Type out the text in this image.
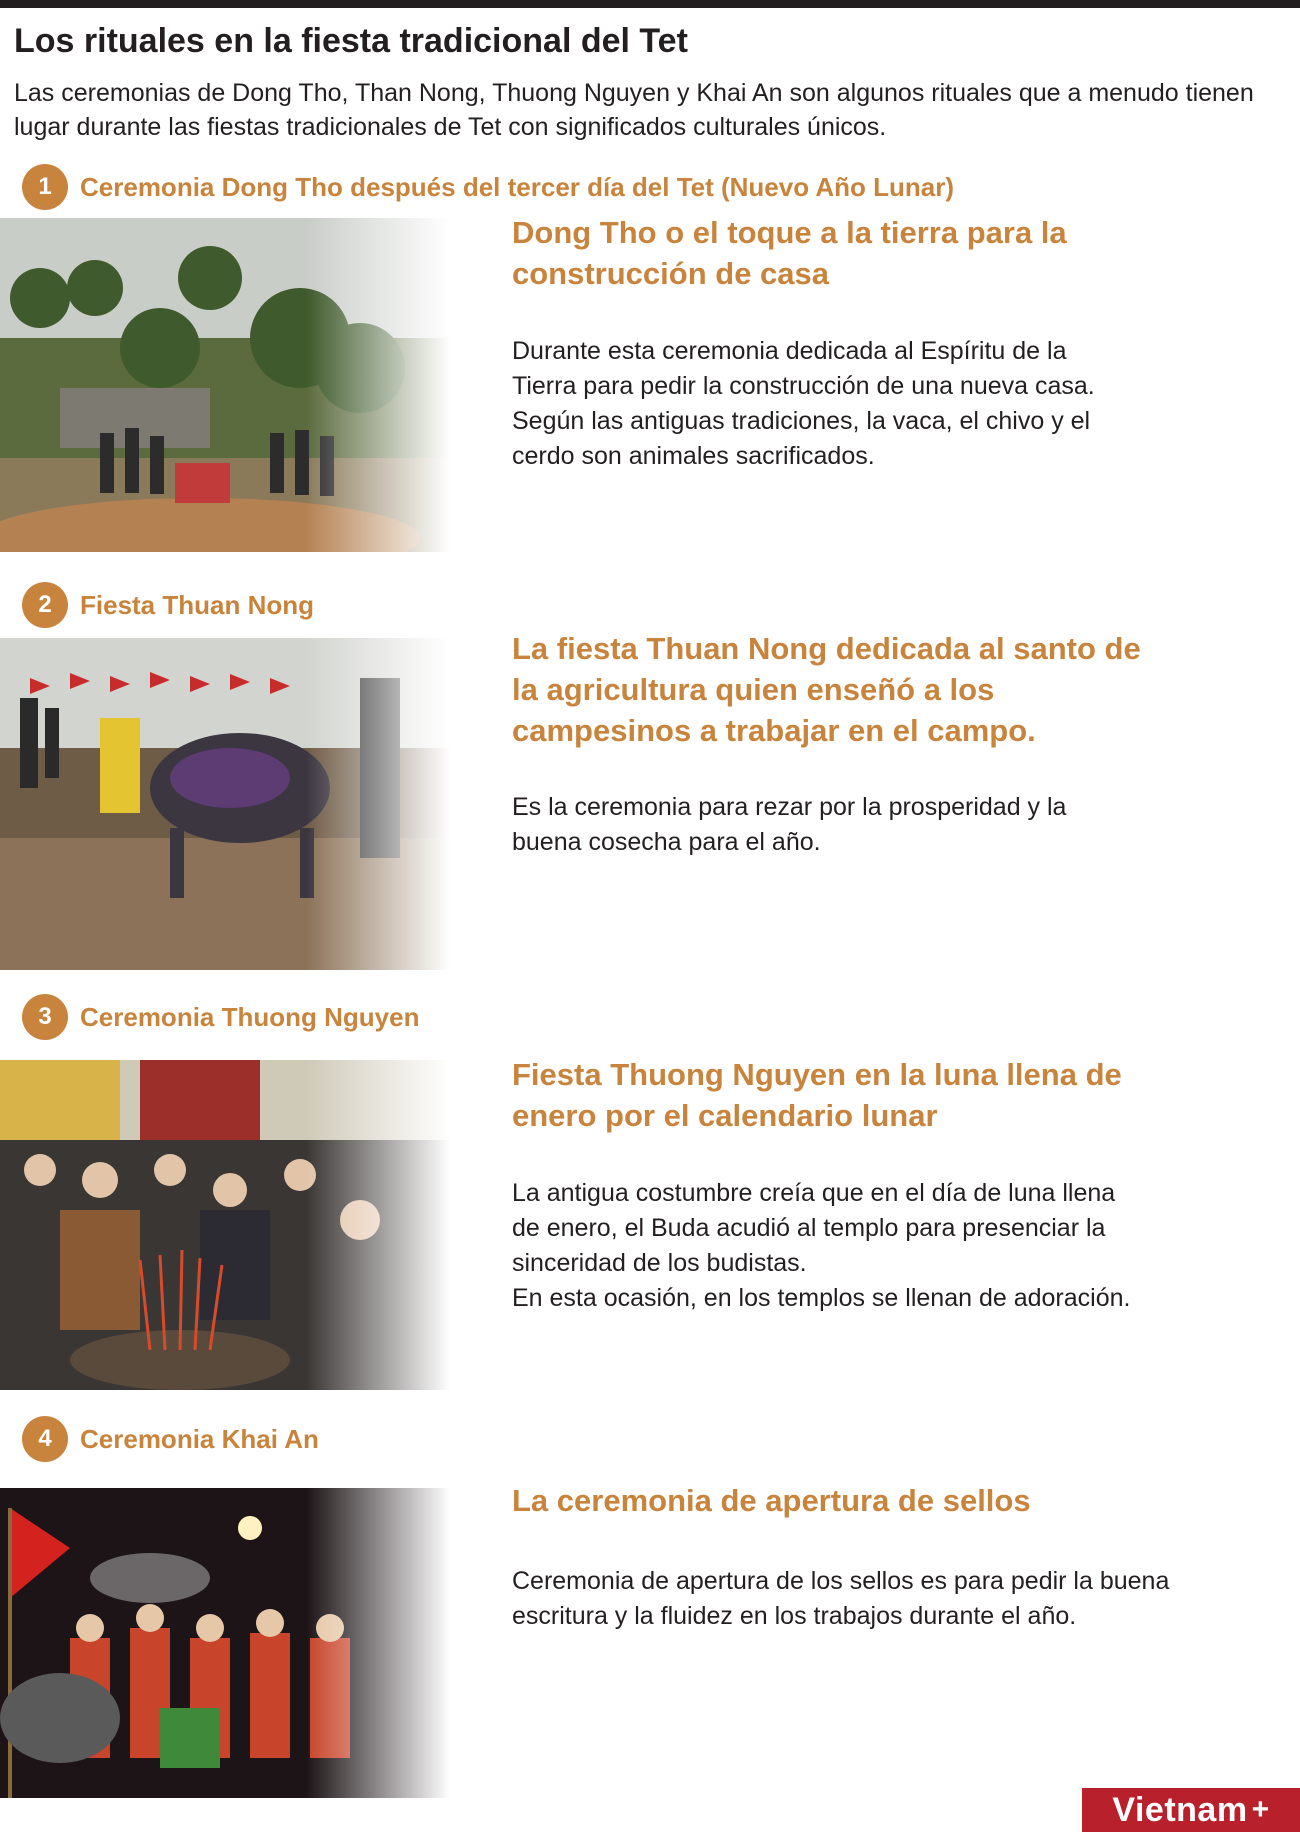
Los rituales en la fiesta tradicional del Tet

Las ceremonias de Dong Tho, Than Nong, Thuong Nguyen y Khai An son algunos rituales que a menudo tienen lugar durante las fiestas tradicionales de Tet con significados culturales únicos.

1	Ceremonia Dong Tho después del tercer día del Tet (Nuevo Año Lunar)
Dong Tho o el toque a la tierra para la construcción de casa

Durante esta ceremonia dedicada al Espíritu de la Tierra para pedir la construcción de una nueva casa. Según las antiguas tradiciones, la vaca, el chivo y el cerdo son animales sacrificados.

2	Fiesta Thuan Nong
La fiesta Thuan Nong dedicada al santo de la agricultura quien enseñó a los campesinos a trabajar en el campo.

Es la ceremonia para rezar por la prosperidad y la buena cosecha para el año.

3	Ceremonia Thuong Nguyen
Fiesta Thuong Nguyen en la luna llena de enero por el calendario lunar

La antigua costumbre creía que en el día de luna llena de enero, el Buda acudió al templo para presenciar la sinceridad de los budistas.

En esta ocasión, en los templos se llenan de adoración.

4	Ceremonia Khai An
La ceremonia de apertura de sellos

Ceremonia de apertura de los sellos es para pedir la buena escritura y la fluidez en los trabajos durante el año.

Vietnam +
